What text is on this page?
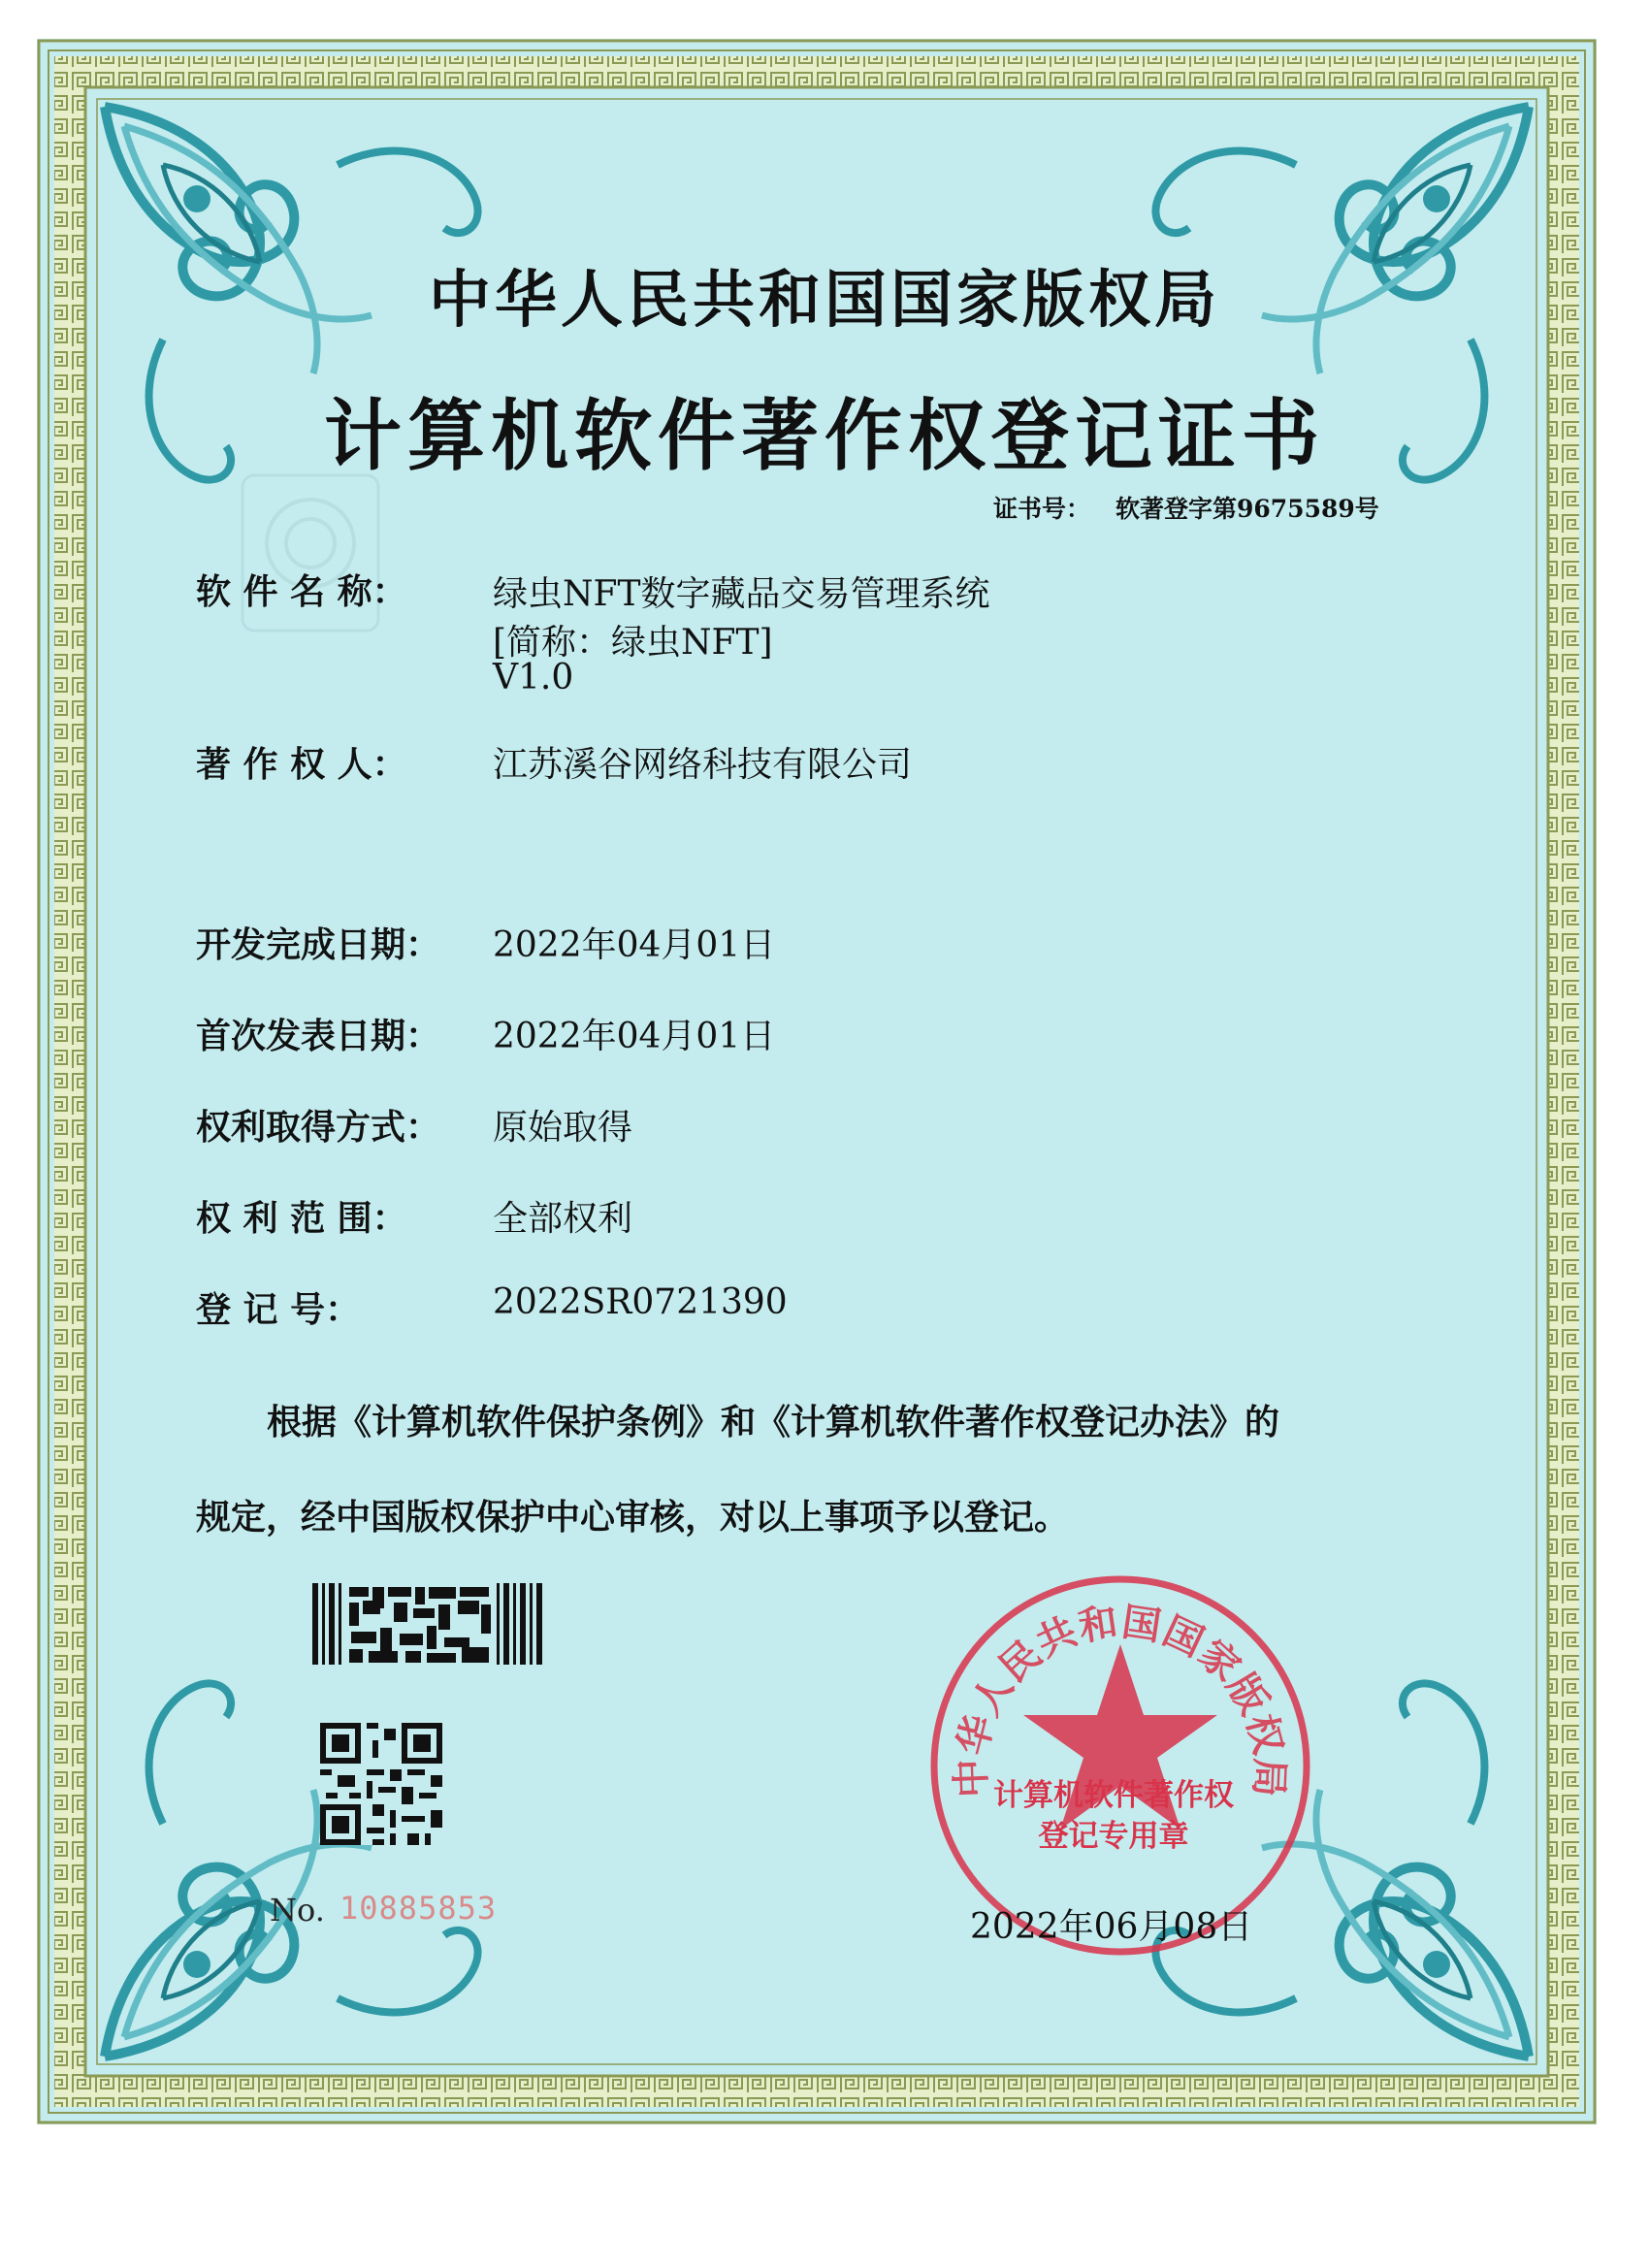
中华人民共和国国家版权局
计算机软件著作权登记证书
证书号： 软著登字第9675589号
软 件 名 称： 绿虫NFT数字藏品交易管理系统
[简称：绿虫NFT]
V1.0
著 作 权 人： 江苏溪谷网络科技有限公司
开发完成日期： 2022年04月01日
首次发表日期： 2022年04月01日
权利取得方式： 原始取得
权 利 范 围： 全部权利
登 记 号：	2022SR0721390
根据《计算机软件保护条例》和《计算机软件著作权登记办法》的
规定，经中国版权保护中心审核，对以上事项予以登记。
No. 10885853
中华人民共和国国家版权局
计算机软件著作权
登记专用章
2022年06月08日
